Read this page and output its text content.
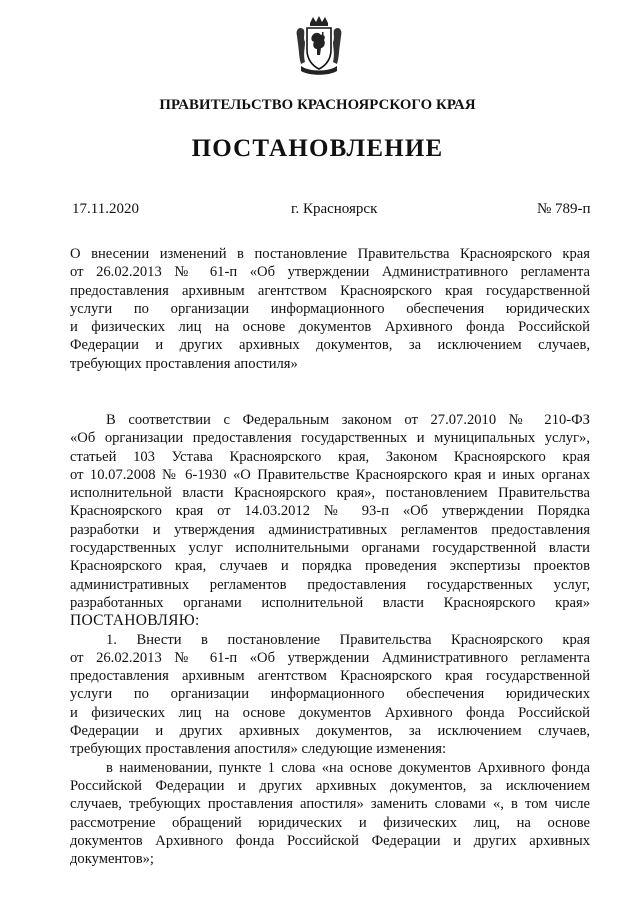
ПРАВИТЕЛЬСТВО КРАСНОЯРСКОГО КРАЯ
ПОСТАНОВЛЕНИЕ
17.11.2020	г. Красноярск	№ 789-п
О внесении изменений в постановление Правительства Красноярского края
от 26.02.2013 № 61-п «Об утверждении Административного регламента
предоставления архивным агентством Красноярского края государственной
услуги по организации информационного обеспечения юридических
и физических лиц на основе документов Архивного фонда Российской
Федерации и других архивных документов, за исключением случаев,
требующих проставления апостиля»
В соответствии с Федеральным законом от 27.07.2010 № 210-ФЗ
«Об организации предоставления государственных и муниципальных услуг»,
статьей 103 Устава Красноярского края, Законом Красноярского края
от 10.07.2008 № 6-1930 «О Правительстве Красноярского края и иных органах
исполнительной власти Красноярского края», постановлением Правительства
Красноярского края от 14.03.2012 № 93-п «Об утверждении Порядка
разработки и утверждения административных регламентов предоставления
государственных услуг исполнительными органами государственной власти
Красноярского края, случаев и порядка проведения экспертизы проектов
административных регламентов предоставления государственных услуг,
разработанных органами исполнительной власти Красноярского края»
ПОСТАНОВЛЯЮ:
1. Внести в постановление Правительства Красноярского края
от 26.02.2013 № 61-п «Об утверждении Административного регламента
предоставления архивным агентством Красноярского края государственной
услуги по организации информационного обеспечения юридических
и физических лиц на основе документов Архивного фонда Российской
Федерации и других архивных документов, за исключением случаев,
требующих проставления апостиля» следующие изменения:
в наименовании, пункте 1 слова «на основе документов Архивного фонда
Российской Федерации и других архивных документов, за исключением
случаев, требующих проставления апостиля» заменить словами «, в том числе
рассмотрение обращений юридических и физических лиц, на основе
документов Архивного фонда Российской Федерации и других архивных
документов»;
